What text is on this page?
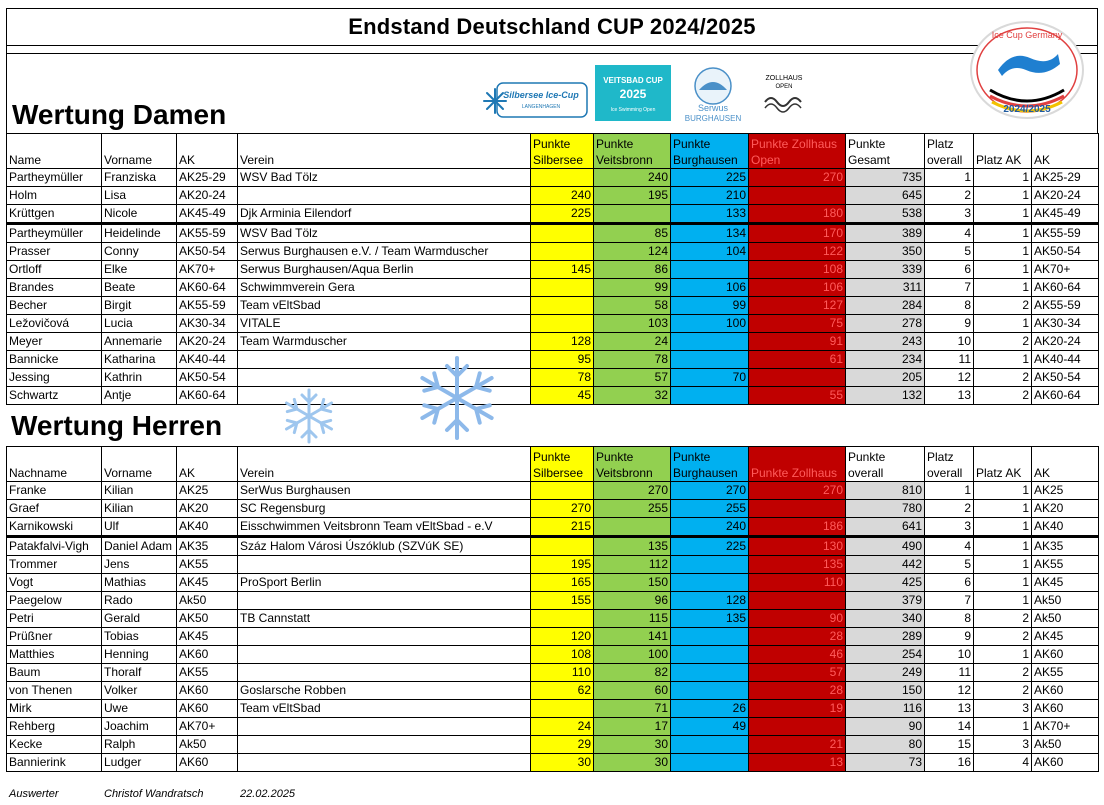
Endstand Deutschland CUP 2024/2025
Wertung Damen
Silbersee Ice-Cup
LANGENHAGEN
VEITSBAD CUP
2025
Ice Swimming Open	Serwus
BURGHAUSEN
ZOLLHAUS
OPEN
Name	Vorname	AK	Verein	Punkte Silbersee	Punkte Veitsbronn	Punkte Burghausen	Punkte Zollhaus Open	Punkte Gesamt	Platz overall	Platz AK	AK
Partheymüller	Franziska	AK25-29	WSV Bad Tölz		240	225	270	735	1	1	AK25-29
Holm	Lisa	AK20-24		240	195	210		645	2	1	AK20-24
Krüttgen	Nicole	AK45-49	Djk Arminia Eilendorf	225		133	180	538	3	1	AK45-49
Partheymüller	Heidelinde	AK55-59	WSV Bad Tölz		85	134	170	389	4	1	AK55-59
Prasser	Conny	AK50-54	Serwus Burghausen e.V. / Team Warmduscher		124	104	122	350	5	1	AK50-54
Ortloff	Elke	AK70+	Serwus Burghausen/Aqua Berlin	145	86		108	339	6	1	AK70+
Brandes	Beate	AK60-64	Schwimmverein Gera		99	106	106	311	7	1	AK60-64
Becher	Birgit	AK55-59	Team vEltSbad		58	99	127	284	8	2	AK55-59
Ležovičová	Lucia	AK30-34	VITALE		103	100	75	278	9	1	AK30-34
Meyer	Annemarie	AK20-24	Team Warmduscher	128	24		91	243	10	2	AK20-24
Bannicke	Katharina	AK40-44		95	78		61	234	11	1	AK40-44
Jessing	Kathrin	AK50-54		78	57	70		205	12	2	AK50-54
Schwartz	Antje	AK60-64		45	32		55	132	13	2	AK60-64
Wertung Herren
Nachname	Vorname	AK	Verein	Punkte Silbersee	Punkte Veitsbronn	Punkte Burghausen	Punkte Zollhaus	Punkte overall	Platz overall	Platz AK	AK
Franke	Kilian	AK25	SerWus Burghausen		270	270	270	810	1	1	AK25
Graef	Kilian	AK20	SC Regensburg	270	255	255		780	2	1	AK20
Karnikowski	Ulf	AK40	Eisschwimmen Veitsbronn Team vEltSbad - e.V	215		240	186	641	3	1	AK40
Patakfalvi-Vigh	Daniel Adam	AK35	Száz Halom Városi Úszóklub (SZVúK SE)		135	225	130	490	4	1	AK35
Trommer	Jens	AK55		195	112		135	442	5	1	AK55
Vogt	Mathias	AK45	ProSport Berlin	165	150		110	425	6	1	AK45
Paegelow	Rado	Ak50		155	96	128		379	7	1	Ak50
Petri	Gerald	AK50	TB Cannstatt		115	135	90	340	8	2	Ak50
Prüßner	Tobias	AK45		120	141		28	289	9	2	AK45
Matthies	Henning	AK60		108	100		46	254	10	1	AK60
Baum	Thoralf	AK55		110	82		57	249	11	2	AK55
von Thenen	Volker	AK60	Goslarsche Robben	62	60		28	150	12	2	AK60
Mirk	Uwe	AK60	Team vEltSbad		71	26	19	116	13	3	AK60
Rehberg	Joachim	AK70+		24	17	49		90	14	1	AK70+
Kecke	Ralph	Ak50		29	30		21	80	15	3	Ak50
Bannierink	Ludger	AK60		30	30		13	73	16	4	AK60
Ice Cup Germany
2024/2025
Auswerter	Christof Wandratsch	22.02.2025
